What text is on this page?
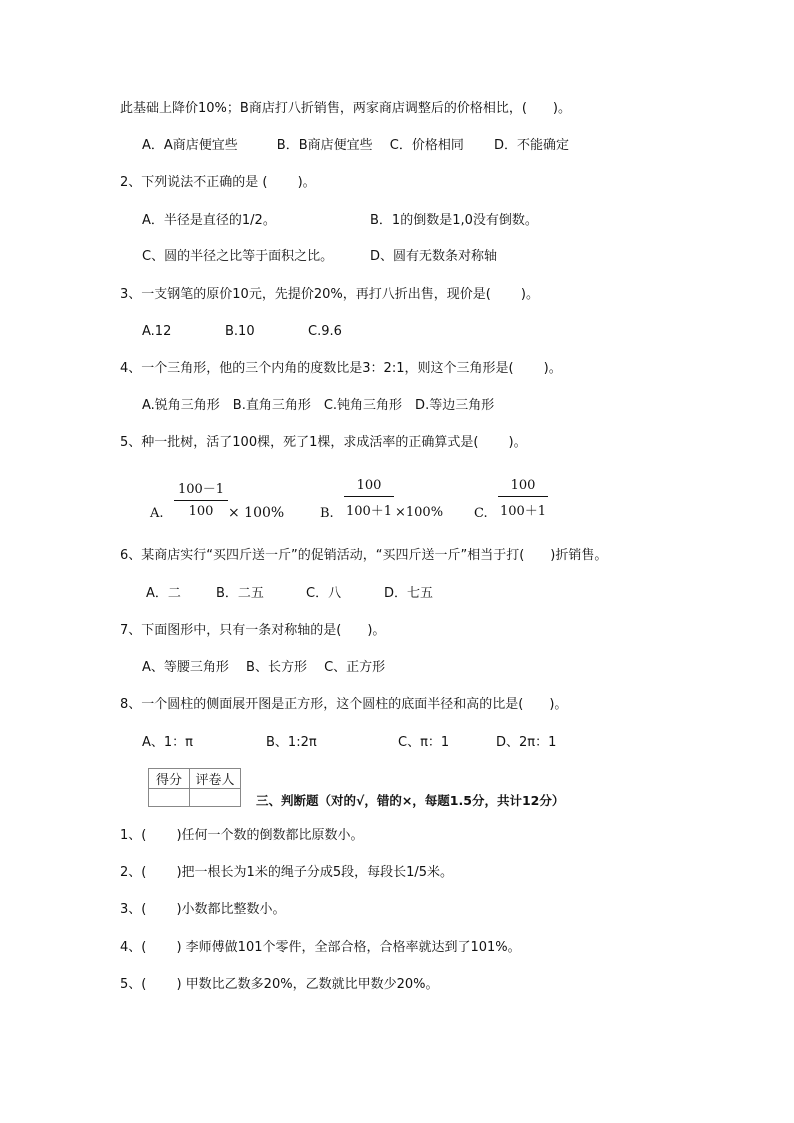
此基础上降价10%；B商店打八折销售，两家商店调整后的价格相比，(　　)。
A．A商店便宜些　　　B．B商店便宜些　 C．价格相同　　 D．不能确定
2、下列说法不正确的是 (　　 )。
A．半径是直径的1/2。	B．1的倒数是1,0没有倒数。
C、圆的半径之比等于面积之比。	D、圆有无数条对称轴
3、一支钢笔的原价10元，先提价20%，再打八折出售，现价是(　　 )。
A.12	B.10	C.9.6
4、一个三角形，他的三个内角的度数比是3：2:1，则这个三角形是(　　 )。
A.锐角三角形　B.直角三角形　C.钝角三角形　D.等边三角形
5、种一批树，活了100棵，死了1棵，求成活率的正确算式是(　　 )。
A. $\frac{100-1}{100} \times 100\%$	B. $\frac{100}{100+1} \times 100\%$ C. $\frac{100}{100+1}$
6、某商店实行“买四斤送一斤”的促销活动，“买四斤送一斤”相当于打(　　)折销售。
A．二	B．二五	C．八	D．七五
7、下面图形中，只有一条对称轴的是(　　)。
A、等腰三角形　 B、长方形　 C、正方形
8、一个圆柱的侧面展开图是正方形，这个圆柱的底面半径和高的比是(　　)。
A、1：π	B、1:2π	C、π：1	D、2π：1
得分	评卷人

三、判断题（对的√，错的×，每题1.5分，共计12分）
1、(　　 )任何一个数的倒数都比原数小。
2、(　　 )把一根长为1米的绳子分成5段，每段长1/5米。
3、(　　 )小数都比整数小。
4、(　　 ) 李师傅做101个零件，全部合格，合格率就达到了101%。
5、(　　 ) 甲数比乙数多20%，乙数就比甲数少20%。
